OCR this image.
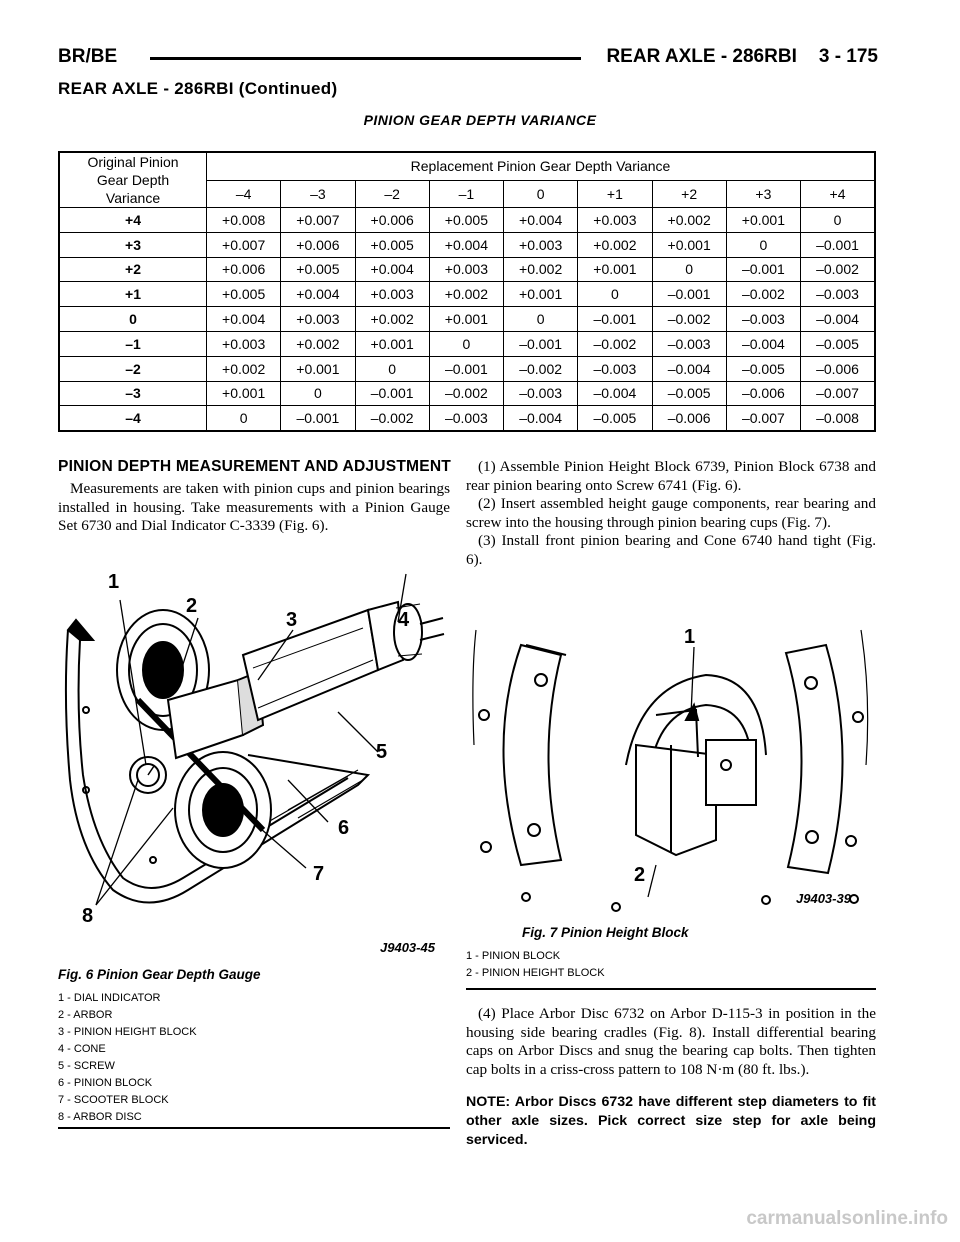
BR/BE	REAR AXLE - 286RBI 3 - 175
REAR AXLE - 286RBI (Continued)
PINION GEAR DEPTH VARIANCE
Original Pinion
Gear Depth
Variance	Replacement Pinion Gear Depth Variance								
	–4	–3	–2	–1	0	+1	+2	+3	+4
+4	+0.008	+0.007	+0.006	+0.005	+0.004	+0.003	+0.002	+0.001	0
+3	+0.007	+0.006	+0.005	+0.004	+0.003	+0.002	+0.001	0	–0.001
+2	+0.006	+0.005	+0.004	+0.003	+0.002	+0.001	0	–0.001	–0.002
+1	+0.005	+0.004	+0.003	+0.002	+0.001	0	–0.001	–0.002	–0.003
0	+0.004	+0.003	+0.002	+0.001	0	–0.001	–0.002	–0.003	–0.004
–1	+0.003	+0.002	+0.001	0	–0.001	–0.002	–0.003	–0.004	–0.005
–2	+0.002	+0.001	0	–0.001	–0.002	–0.003	–0.004	–0.005	–0.006
–3	+0.001	0	–0.001	–0.002	–0.003	–0.004	–0.005	–0.006	–0.007
–4	0	–0.001	–0.002	–0.003	–0.004	–0.005	–0.006	–0.007	–0.008
PINION DEPTH MEASUREMENT AND ADJUSTMENT

Measurements are taken with pinion cups and pinion bearings installed in housing. Take measurements with a Pinion Gauge Set 6730 and Dial Indicator C-3339 (Fig. 6).

1
2
3	4
5
6
7
8
J9403-45
Fig. 6 Pinion Gear Depth Gauge
1 - DIAL INDICATOR
2 - ARBOR
3 - PINION HEIGHT BLOCK
4 - CONE
5 - SCREW
6 - PINION BLOCK
7 - SCOOTER BLOCK
8 - ARBOR DISC

(1) Assemble Pinion Height Block 6739, Pinion Block 6738 and rear pinion bearing onto Screw 6741 (Fig. 6).

(2) Insert assembled height gauge components, rear bearing and screw into the housing through pinion bearing cups (Fig. 7).

(3) Install front pinion bearing and Cone 6740 hand tight (Fig. 6).

1
2
J9403-39
Fig. 7 Pinion Height Block
1 - PINION BLOCK
2 - PINION HEIGHT BLOCK

(4) Place Arbor Disc 6732 on Arbor D-115-3 in position in the housing side bearing cradles (Fig. 8). Install differential bearing caps on Arbor Discs and snug the bearing cap bolts. Then tighten cap bolts in a criss-cross pattern to 108 N·m (80 ft. lbs.).

NOTE: Arbor Discs 6732 have different step diameters to fit other axle sizes. Pick correct size step for axle being serviced.

carmanualsonline.info
